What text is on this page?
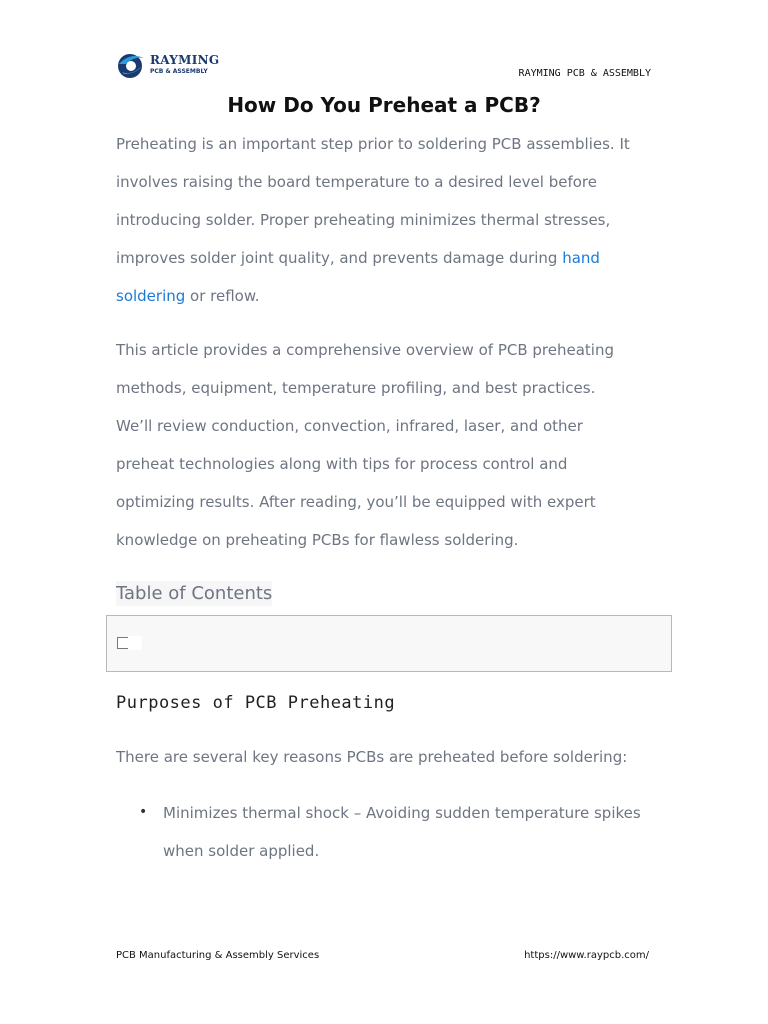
RAYMING
PCB & ASSEMBLY	RAYMING PCB & ASSEMBLY
How Do You Preheat a PCB?

Preheating is an important step prior to soldering PCB assemblies. It involves raising the board temperature to a desired level before introducing solder. Proper preheating minimizes thermal stresses, improves solder joint quality, and prevents damage during hand soldering or reflow.

This article provides a comprehensive overview of PCB preheating methods, equipment, temperature profiling, and best practices. We’ll review conduction, convection, infrared, laser, and other preheat technologies along with tips for process control and optimizing results. After reading, you’ll be equipped with expert knowledge on preheating PCBs for flawless soldering.

Table of Contents
Purposes of PCB Preheating

There are several key reasons PCBs are preheated before soldering:

• Minimizes thermal shock – Avoiding sudden temperature spikes when solder applied.

PCB Manufacturing & Assembly Services	https://www.raypcb.com/
